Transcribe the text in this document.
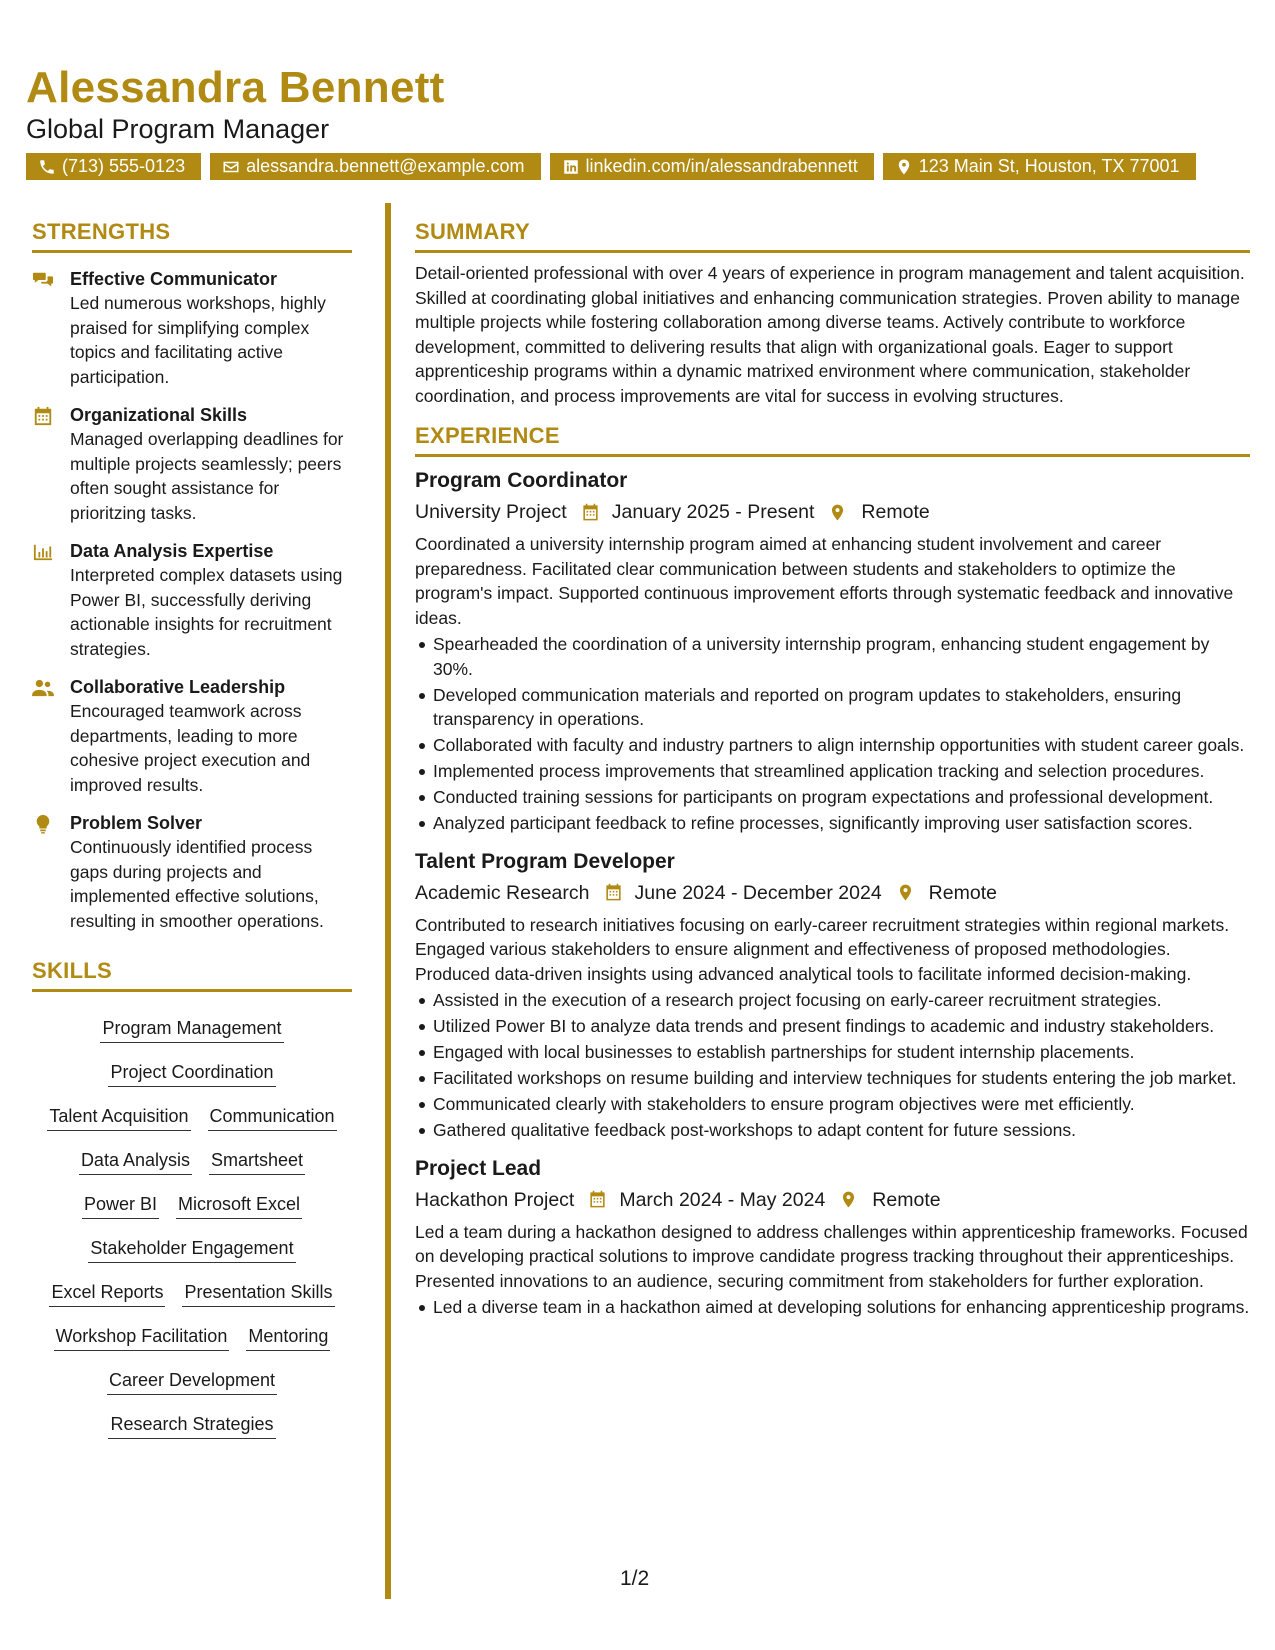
Alessandra Bennett
Global Program Manager
(713) 555-0123	alessandra.bennett@example.com	linkedin.com/in/alessandrabennett	123 Main St, Houston, TX 77001
STRENGTHS
Effective Communicator
Led numerous workshops, highly praised for simplifying complex topics and facilitating active participation.
Organizational Skills
Managed overlapping deadlines for multiple projects seamlessly; peers often sought assistance for prioritzing tasks.
Data Analysis Expertise
Interpreted complex datasets using Power BI, successfully deriving actionable insights for recruitment strategies.
Collaborative Leadership
Encouraged teamwork across departments, leading to more cohesive project execution and improved results.
Problem Solver
Continuously identified process gaps during projects and implemented effective solutions, resulting in smoother operations.
SKILLS
Program Management
Project Coordination
Talent Acquisition Communication
Data Analysis Smartsheet
Power BI Microsoft Excel
Stakeholder Engagement
Excel Reports Presentation Skills
Workshop Facilitation Mentoring
Career Development
Research Strategies
SUMMARY
Detail-oriented professional with over 4 years of experience in program management and talent acquisition. Skilled at coordinating global initiatives and enhancing communication strategies. Proven ability to manage multiple projects while fostering collaboration among diverse teams. Actively contribute to workforce development, committed to delivering results that align with organizational goals. Eager to support apprenticeship programs within a dynamic matrixed environment where communication, stakeholder coordination, and process improvements are vital for success in evolving structures.
EXPERIENCE
Program Coordinator
University Project January 2025 - Present Remote
Coordinated a university internship program aimed at enhancing student involvement and career preparedness. Facilitated clear communication between students and stakeholders to optimize the program's impact. Supported continuous improvement efforts through systematic feedback and innovative ideas.
Spearheaded the coordination of a university internship program, enhancing student engagement by 30%.
Developed communication materials and reported on program updates to stakeholders, ensuring transparency in operations.
Collaborated with faculty and industry partners to align internship opportunities with student career goals.
Implemented process improvements that streamlined application tracking and selection procedures.
Conducted training sessions for participants on program expectations and professional development.
Analyzed participant feedback to refine processes, significantly improving user satisfaction scores.
Talent Program Developer
Academic Research June 2024 - December 2024 Remote
Contributed to research initiatives focusing on early-career recruitment strategies within regional markets. Engaged various stakeholders to ensure alignment and effectiveness of proposed methodologies. Produced data-driven insights using advanced analytical tools to facilitate informed decision-making.
Assisted in the execution of a research project focusing on early-career recruitment strategies.
Utilized Power BI to analyze data trends and present findings to academic and industry stakeholders.
Engaged with local businesses to establish partnerships for student internship placements.
Facilitated workshops on resume building and interview techniques for students entering the job market.
Communicated clearly with stakeholders to ensure program objectives were met efficiently.
Gathered qualitative feedback post-workshops to adapt content for future sessions.
Project Lead
Hackathon Project March 2024 - May 2024 Remote
Led a team during a hackathon designed to address challenges within apprenticeship frameworks. Focused on developing practical solutions to improve candidate progress tracking throughout their apprenticeships. Presented innovations to an audience, securing commitment from stakeholders for further exploration.
Led a diverse team in a hackathon aimed at developing solutions for enhancing apprenticeship programs.
1/2
